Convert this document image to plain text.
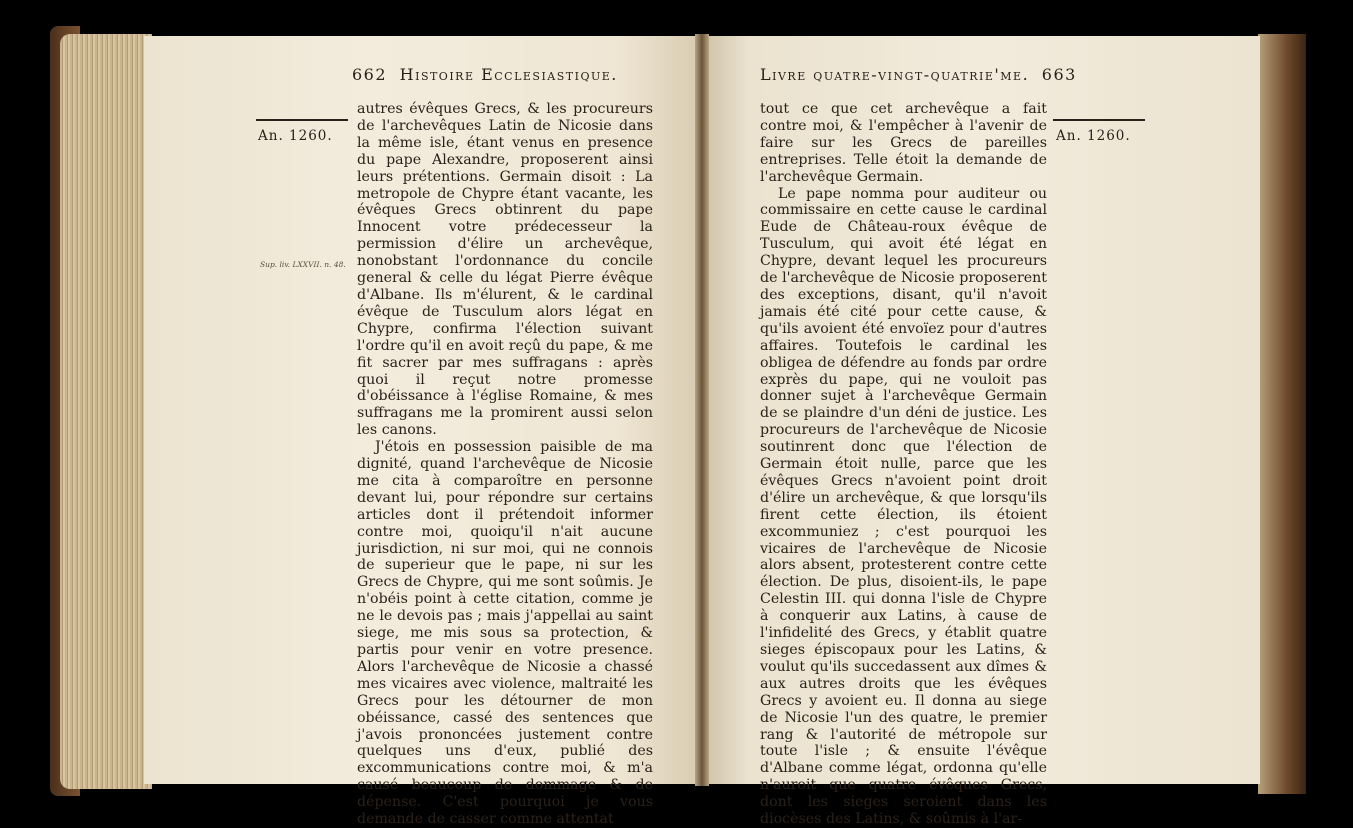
662 Histoire Ecclesiastique.
An. 1260.
Sup. liv. LXXVII. n. 48.

autres évêques Grecs, & les procureurs de l'archevêques Latin de Nicosie dans la même isle, étant venus en presence du pape Alexandre, proposerent ainsi leurs prétentions. Germain disoit : La metropole de Chypre étant vacante, les évêques Grecs obtinrent du pape Innocent votre prédecesseur la permission d'élire un archevêque, nonobstant l'ordonnance du concile general & celle du légat Pierre évêque d'Albane. Ils m'élurent, & le cardinal évêque de Tusculum alors légat en Chypre, confirma l'élection suivant l'ordre qu'il en avoit reçû du pape, & me fit sacrer par mes suffragans : après quoi il reçut notre promesse d'obéissance à l'église Romaine, & mes suffragans me la promirent aussi selon les canons.

J'étois en possession paisible de ma dignité, quand l'archevêque de Nicosie me cita à comparoître en personne devant lui, pour répondre sur certains articles dont il prétendoit informer contre moi, quoiqu'il n'ait aucune jurisdiction, ni sur moi, qui ne connois de superieur que le pape, ni sur les Grecs de Chypre, qui me sont soûmis. Je n'obéis point à cette citation, comme je ne le devois pas ; mais j'appellai au saint siege, me mis sous sa protection, & partis pour venir en votre presence. Alors l'archevêque de Nicosie a chassé mes vicaires avec violence, maltraité les Grecs pour les détourner de mon obéissance, cassé des sentences que j'avois prononcées justement contre quelques uns d'eux, publié des excommunications contre moi, & m'a causé beaucoup de dommage & de dépense. C'est pourquoi je vous demande de casser comme attentat

Livre quatre-vingt-quatrie'me. 663
An. 1260.

tout ce que cet archevêque a fait contre moi, & l'empêcher à l'avenir de faire sur les Grecs de pareilles entreprises. Telle étoit la demande de l'archevêque Germain.

Le pape nomma pour auditeur ou commissaire en cette cause le cardinal Eude de Château-roux évêque de Tusculum, qui avoit été légat en Chypre, devant lequel les procureurs de l'archevêque de Nicosie proposerent des exceptions, disant, qu'il n'avoit jamais été cité pour cette cause, & qu'ils avoient été envoïez pour d'autres affaires. Toutefois le cardinal les obligea de défendre au fonds par ordre exprès du pape, qui ne vouloit pas donner sujet à l'archevêque Germain de se plaindre d'un déni de justice. Les procureurs de l'archevêque de Nicosie soutinrent donc que l'élection de Germain étoit nulle, parce que les évêques Grecs n'avoient point droit d'élire un archevêque, & que lorsqu'ils firent cette élection, ils étoient excommuniez ; c'est pourquoi les vicaires de l'archevêque de Nicosie alors absent, protesterent contre cette élection. De plus, disoient-ils, le pape Celestin III. qui donna l'isle de Chypre à conquerir aux Latins, à cause de l'infidelité des Grecs, y établit quatre sieges épiscopaux pour les Latins, & voulut qu'ils succedassent aux dîmes & aux autres droits que les évêques Grecs y avoient eu. Il donna au siege de Nicosie l'un des quatre, le premier rang & l'autorité de métropole sur toute l'isle ; & ensuite l'évêque d'Albane comme légat, ordonna qu'elle n'auroit que quatre évêques Grecs, dont les sieges seroient dans les diocèses des Latins, & soûmis à l'ar-
